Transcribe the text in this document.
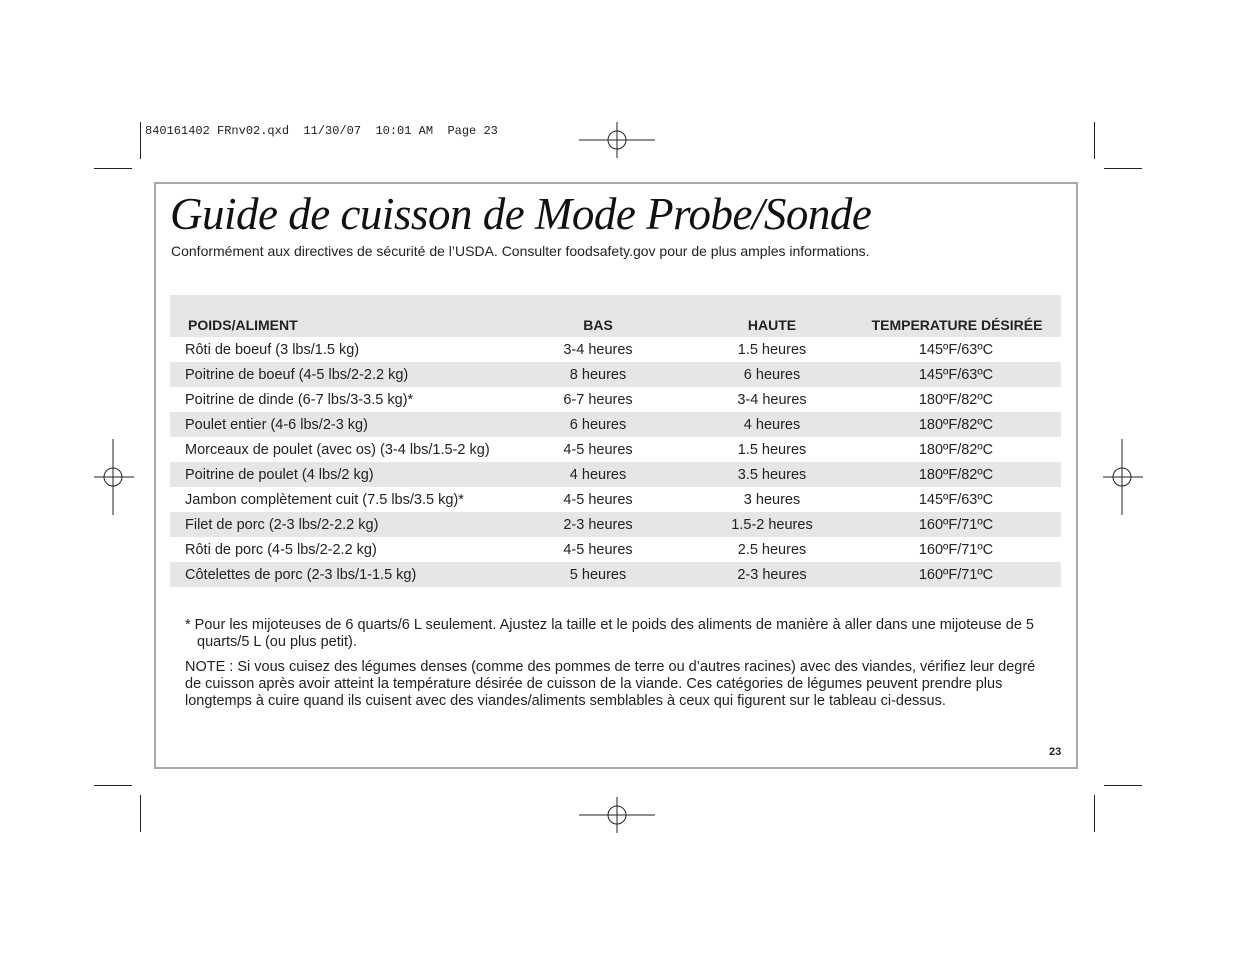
840161402 FRnv02.qxd  11/30/07  10:01 AM  Page 23
Guide de cuisson de Mode Probe/Sonde
Conformément aux directives de sécurité de l’USDA. Consulter foodsafety.gov pour de plus amples informations.
POIDS/ALIMENT	BAS	HAUTE	TEMPERATURE DÉSIRÉE
Rôti de boeuf (3 lbs/1.5 kg)	3-4 heures	1.5 heures	145ºF/63ºC
Poitrine de boeuf (4-5 lbs/2-2.2 kg)	8 heures	6 heures	145ºF/63ºC
Poitrine de dinde (6-7 lbs/3-3.5 kg)*	6-7 heures	3-4 heures	180ºF/82ºC
Poulet entier (4-6 lbs/2-3 kg)	6 heures	4 heures	180ºF/82ºC
Morceaux de poulet (avec os) (3-4 lbs/1.5-2 kg)	4-5 heures	1.5 heures	180ºF/82ºC
Poitrine de poulet (4 lbs/2 kg)	4 heures	3.5 heures	180ºF/82ºC
Jambon complètement cuit (7.5 lbs/3.5 kg)*	4-5 heures	3 heures	145ºF/63ºC
Filet de porc (2-3 lbs/2-2.2 kg)	2-3 heures	1.5-2 heures	160ºF/71ºC
Rôti de porc (4-5 lbs/2-2.2 kg)	4-5 heures	2.5 heures	160ºF/71ºC
Côtelettes de porc (2-3 lbs/1-1.5 kg)	5 heures	2-3 heures	160ºF/71ºC
* Pour les mijoteuses de 6 quarts/6 L seulement. Ajustez la taille et le poids des aliments de manière à aller dans une mijoteuse de 5 quarts/5 L (ou plus petit).
NOTE : Si vous cuisez des légumes denses (comme des pommes de terre ou d’autres racines) avec des viandes, vérifiez leur degré de cuisson après avoir atteint la température désirée de cuisson de la viande. Ces catégories de légumes peuvent prendre plus longtemps à cuire quand ils cuisent avec des viandes/aliments semblables à ceux qui figurent sur le tableau ci-dessus.
23
